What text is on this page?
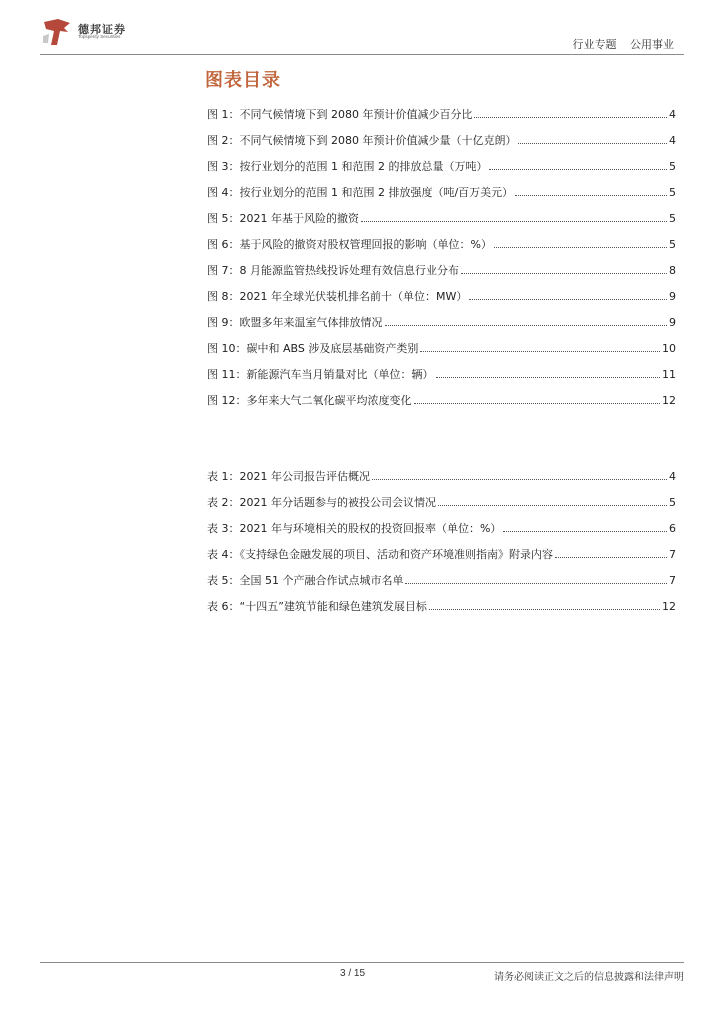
德邦证券
Topsperity Securities
行业专题 公用事业
图表目录
图 1：不同气候情境下到 2080 年预计价值减少百分比	4
图 2：不同气候情境下到 2080 年预计价值减少量（十亿克朗）	4
图 3：按行业划分的范围 1 和范围 2 的排放总量（万吨）	5
图 4：按行业划分的范围 1 和范围 2 排放强度（吨/百万美元）	5
图 5：2021 年基于风险的撤资	5
图 6：基于风险的撤资对股权管理回报的影响（单位：%）	5
图 7：8 月能源监管热线投诉处理有效信息行业分布	8
图 8：2021 年全球光伏装机排名前十（单位：MW）	9
图 9：欧盟多年来温室气体排放情况	9
图 10：碳中和 ABS 涉及底层基础资产类别	10
图 11：新能源汽车当月销量对比（单位：辆）	11
图 12：多年来大气二氧化碳平均浓度变化	12
表 1：2021 年公司报告评估概况	4
表 2：2021 年分话题参与的被投公司会议情况	5
表 3：2021 年与环境相关的股权的投资回报率（单位：%）	6
表 4：《支持绿色金融发展的项目、活动和资产环境准则指南》附录内容	7
表 5：全国 51 个产融合作试点城市名单	7
表 6：“十四五”建筑节能和绿色建筑发展目标	12
3 / 15	请务必阅读正文之后的信息披露和法律声明
